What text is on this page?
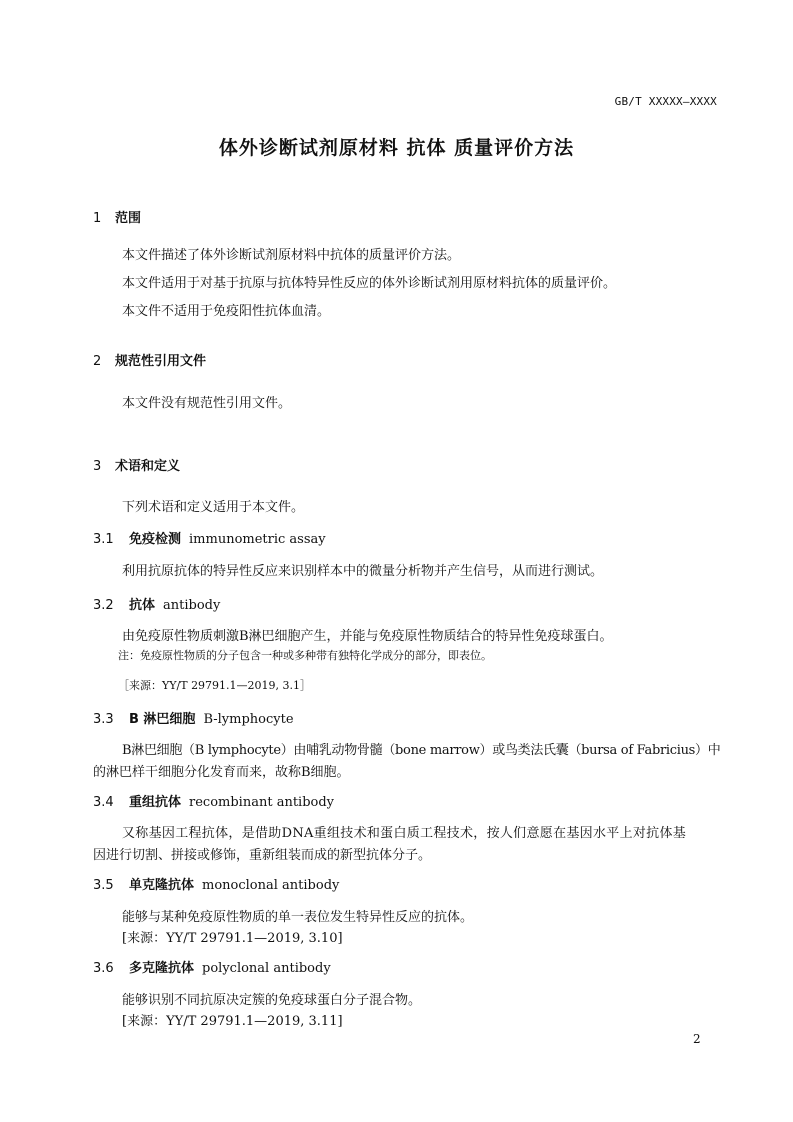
GB/T XXXXX—XXXX
体外诊断试剂原材料 抗体 质量评价方法
1 范围
本文件描述了体外诊断试剂原材料中抗体的质量评价方法。
本文件适用于对基于抗原与抗体特异性反应的体外诊断试剂用原材料抗体的质量评价。
本文件不适用于免疫阳性抗体血清。
2 规范性引用文件
本文件没有规范性引用文件。
3 术语和定义
下列术语和定义适用于本文件。
3.1 免疫检测 immunometric assay
利用抗原抗体的特异性反应来识别样本中的微量分析物并产生信号，从而进行测试。
3.2 抗体 antibody
由免疫原性物质刺激B淋巴细胞产生，并能与免疫原性物质结合的特异性免疫球蛋白。
注：免疫原性物质的分子包含一种或多种带有独特化学成分的部分，即表位。
［来源：YY/T 29791.1—2019, 3.1］
3.3 B 淋巴细胞 B-lymphocyte
B淋巴细胞（B lymphocyte）由哺乳动物骨髓（bone marrow）或鸟类法氏囊（bursa of Fabricius）中
的淋巴样干细胞分化发育而来，故称B细胞。
3.4 重组抗体 recombinant antibody
又称基因工程抗体，是借助DNA重组技术和蛋白质工程技术，按人们意愿在基因水平上对抗体基
因进行切割、拼接或修饰，重新组装而成的新型抗体分子。
3.5 单克隆抗体 monoclonal antibody
能够与某种免疫原性物质的单一表位发生特异性反应的抗体。
[来源：YY/T 29791.1—2019, 3.10]
3.6 多克隆抗体 polyclonal antibody
能够识别不同抗原决定簇的免疫球蛋白分子混合物。
[来源：YY/T 29791.1—2019, 3.11]
2
